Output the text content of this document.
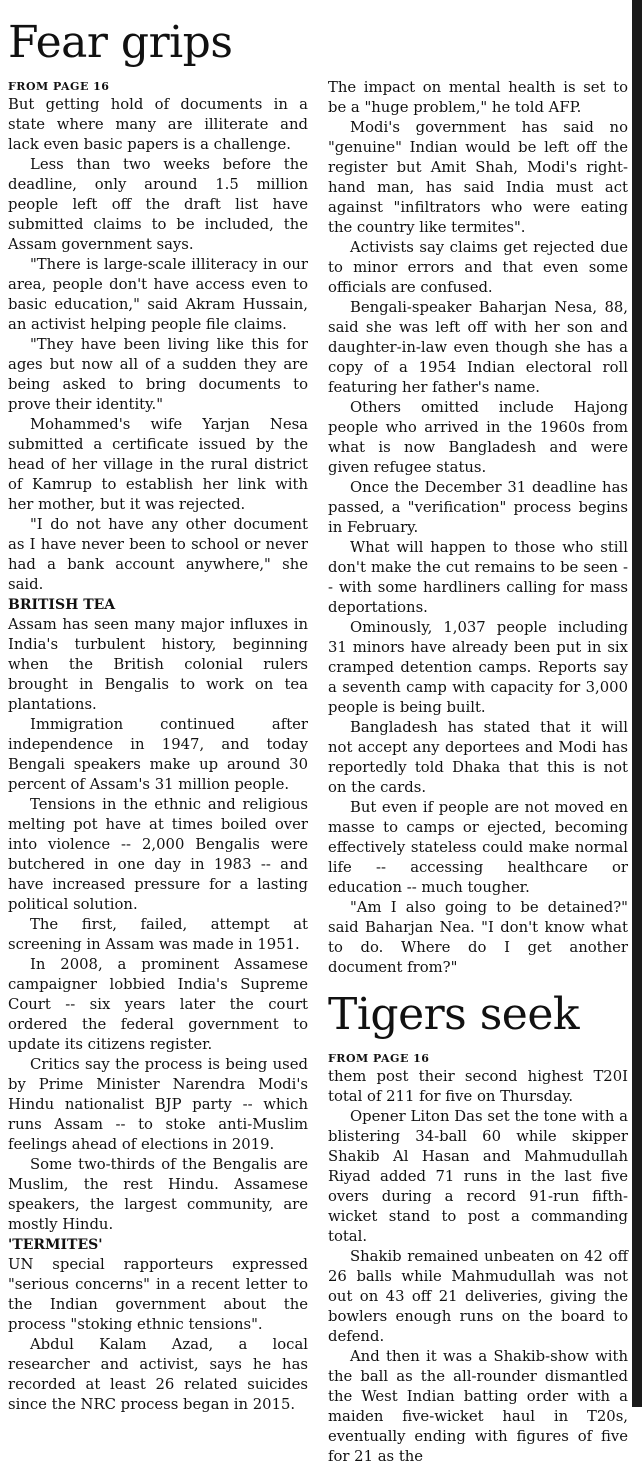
Fear grips
FROM PAGE 16

But getting hold of documents in a state where many are illiterate and lack even basic papers is a challenge.

Less than two weeks before the deadline, only around 1.5 million people left off the draft list have submitted claims to be included, the Assam government says.

"There is large-scale illiteracy in our area, people don't have access even to basic education," said Akram Hussain, an activist helping people file claims.

"They have been living like this for ages but now all of a sudden they are being asked to bring documents to prove their identity."

Mohammed's wife Yarjan Nesa submitted a certificate issued by the head of her village in the rural district of Kamrup to establish her link with her mother, but it was rejected.

"I do not have any other document as I have never been to school or never had a bank account anywhere," she said.

BRITISH TEA

Assam has seen many major influxes in India's turbulent history, beginning when the British colonial rulers brought in Bengalis to work on tea plantations.

Immigration continued after independence in 1947, and today Bengali speakers make up around 30 percent of Assam's 31 million people.

Tensions in the ethnic and religious melting pot have at times boiled over into violence -- 2,000 Bengalis were butchered in one day in 1983 -- and have increased pressure for a lasting political solution.

The first, failed, attempt at screening in Assam was made in 1951.

In 2008, a prominent Assamese campaigner lobbied India's Supreme Court -- six years later the court ordered the federal government to update its citizens register.

Critics say the process is being used by Prime Minister Narendra Modi's Hindu nationalist BJP party -- which runs Assam -- to stoke anti-Muslim feelings ahead of elections in 2019.

Some two-thirds of the Bengalis are Muslim, the rest Hindu. Assamese speakers, the largest community, are mostly Hindu.

'TERMITES'

UN special rapporteurs expressed "serious concerns" in a recent letter to the Indian government about the process "stoking ethnic tensions".

Abdul Kalam Azad, a local researcher and activist, says he has recorded at least 26 related suicides since the NRC process began in 2015.

The impact on mental health is set to be a "huge problem," he told AFP.

Modi's government has said no "genuine" Indian would be left off the register but Amit Shah, Modi's right-hand man, has said India must act against "infiltrators who were eating the country like termites".

Activists say claims get rejected due to minor errors and that even some officials are confused.

Bengali-speaker Baharjan Nesa, 88, said she was left off with her son and daughter-in-law even though she has a copy of a 1954 Indian electoral roll featuring her father's name.

Others omitted include Hajong people who arrived in the 1960s from what is now Bangladesh and were given refugee status.

Once the December 31 deadline has passed, a "verification" process begins in February.

What will happen to those who still don't make the cut remains to be seen -- with some hardliners calling for mass deportations.

Ominously, 1,037 people including 31 minors have already been put in six cramped detention camps. Reports say a seventh camp with capacity for 3,000 people is being built.

Bangladesh has stated that it will not accept any deportees and Modi has reportedly told Dhaka that this is not on the cards.

But even if people are not moved en masse to camps or ejected, becoming effectively stateless could make normal life -- accessing healthcare or education -- much tougher.

"Am I also going to be detained?" said Baharjan Nea. "I don't know what to do. Where do I get another document from?"

Tigers seek
FROM PAGE 16

them post their second highest T20I total of 211 for five on Thursday.

Opener Liton Das set the tone with a blistering 34-ball 60 while skipper Shakib Al Hasan and Mahmudullah Riyad added 71 runs in the last five overs during a record 91-run fifth-wicket stand to post a commanding total.

Shakib remained unbeaten on 42 off 26 balls while Mahmudullah was not out on 43 off 21 deliveries, giving the bowlers enough runs on the board to defend.

And then it was a Shakib-show with the ball as the all-rounder dismantled the West Indian batting order with a maiden five-wicket haul in T20s, eventually ending with figures of five for 21 as the
